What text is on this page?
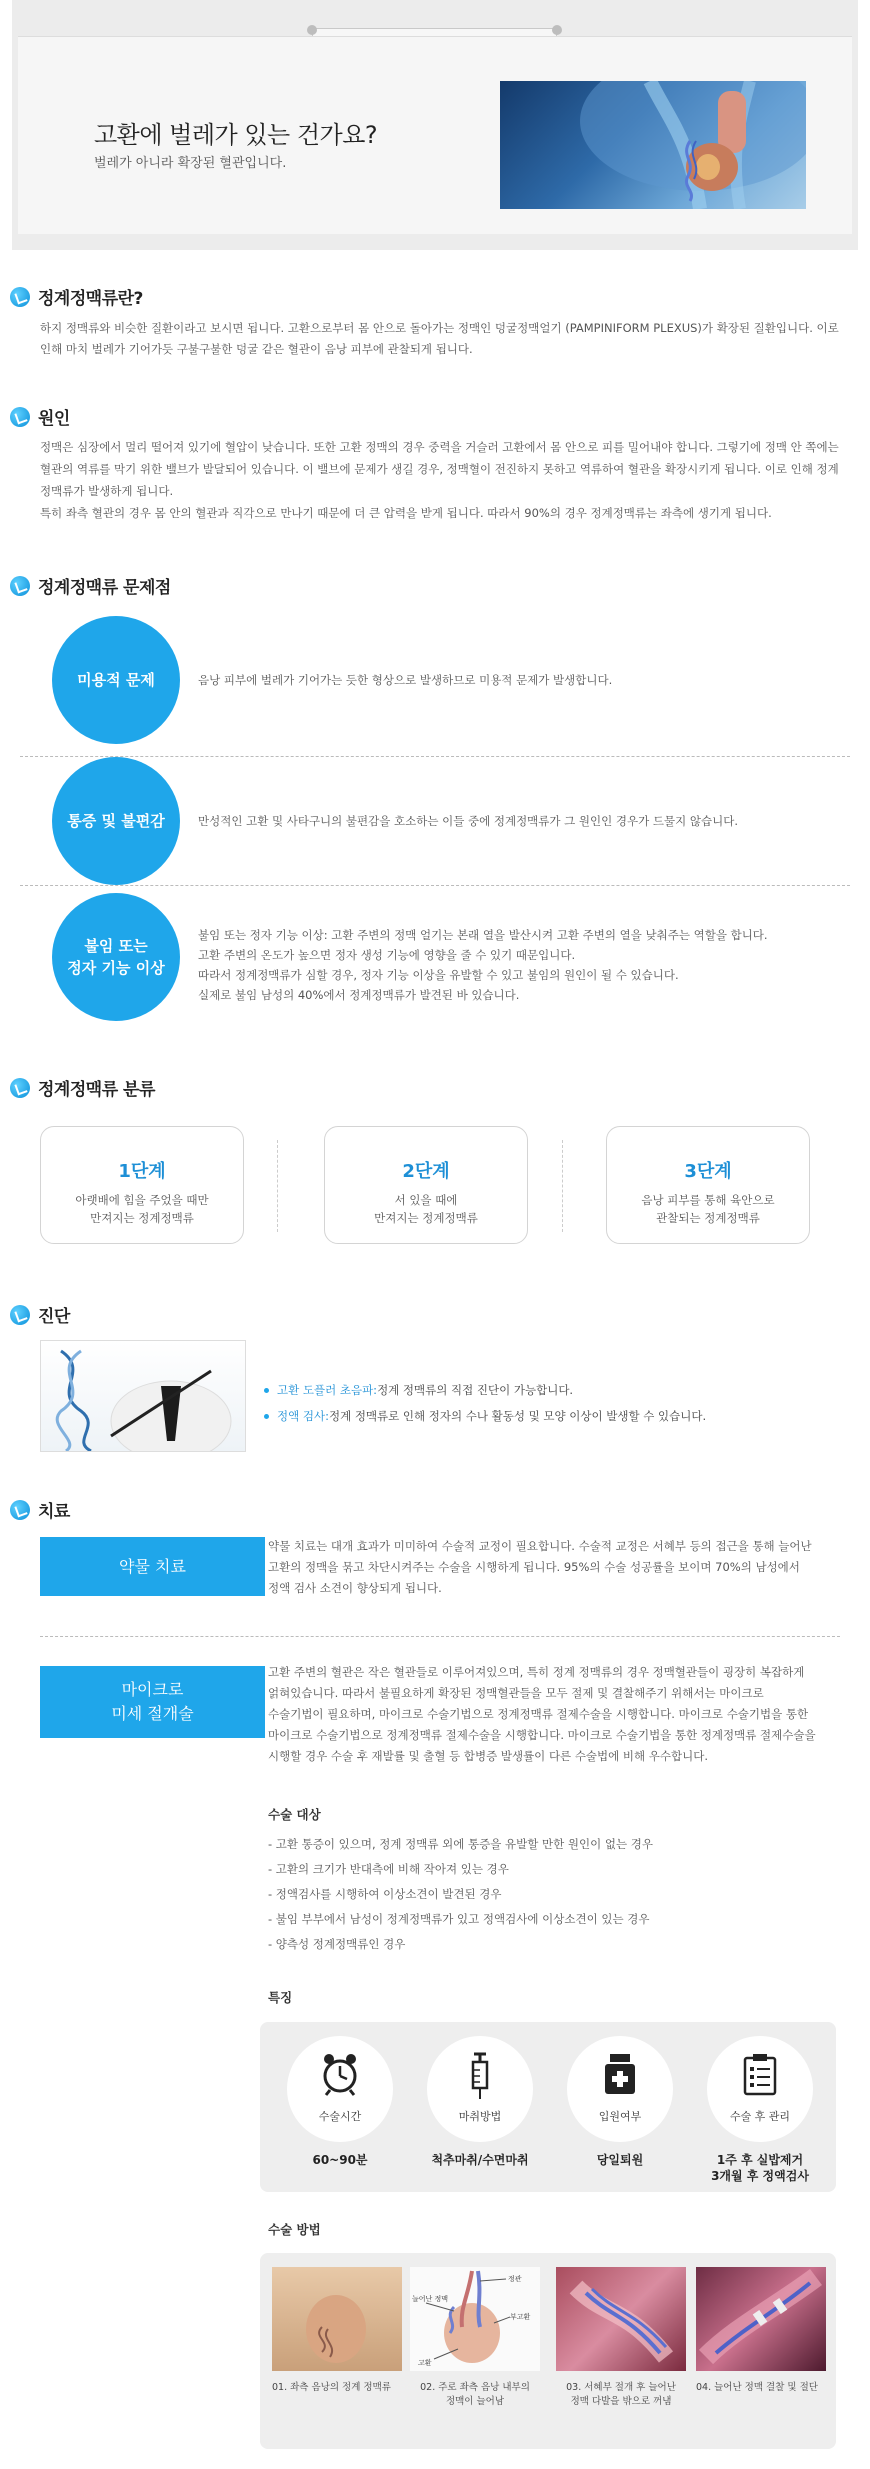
고환에 벌레가 있는 건가요?
벌레가 아니라 확장된 혈관입니다.
정계정맥류란?
하지 정맥류와 비슷한 질환이라고 보시면 됩니다. 고환으로부터 몸 안으로 돌아가는 정맥인 덩굴정맥얼기 (PAMPINIFORM PLEXUS)가 확장된 질환입니다. 이로
인해 마치 벌레가 기어가듯 구불구불한 덩굴 같은 혈관이 음낭 피부에 관찰되게 됩니다.
원인
정맥은 심장에서 멀리 떨어져 있기에 혈압이 낮습니다. 또한 고환 정맥의 경우 중력을 거슬러 고환에서 몸 안으로 피를 밀어내야 합니다. 그렇기에 정맥 안 쪽에는
혈관의 역류를 막기 위한 밸브가 발달되어 있습니다. 이 밸브에 문제가 생길 경우, 정맥혈이 전진하지 못하고 역류하여 혈관을 확장시키게 됩니다. 이로 인해 정계
정맥류가 발생하게 됩니다.
특히 좌측 혈관의 경우 몸 안의 혈관과 직각으로 만나기 때문에 더 큰 압력을 받게 됩니다. 따라서 90%의 경우 정계정맥류는 좌측에 생기게 됩니다.
정계정맥류 문제점
미용적 문제	음낭 피부에 벌레가 기어가는 듯한 형상으로 발생하므로 미용적 문제가 발생합니다.
통증 및 불편감	만성적인 고환 및 사타구니의 불편감을 호소하는 이들 중에 정계정맥류가 그 원인인 경우가 드물지 않습니다.
불임 또는
정자 기능 이상
불임 또는 정자 기능 이상: 고환 주변의 정맥 얼기는 본래 열을 발산시켜 고환 주변의 열을 낮춰주는 역할을 합니다.
고환 주변의 온도가 높으면 정자 생성 기능에 영향을 줄 수 있기 때문입니다.
따라서 정계정맥류가 심할 경우, 정자 기능 이상을 유발할 수 있고 불임의 원인이 될 수 있습니다.
실제로 불임 남성의 40%에서 정계정맥류가 발견된 바 있습니다.
정계정맥류 분류
1단계
아랫배에 힘을 주었을 때만
만져지는 정계정맥류
2단계
서 있을 때에
만져지는 정계정맥류
3단계
음낭 피부를 통해 육안으로
관찰되는 정계정맥류
진단
고환 도플러 초음파: 정계 정맥류의 직접 진단이 가능합니다.
정액 검사: 정계 정맥류로 인해 정자의 수나 활동성 및 모양 이상이 발생할 수 있습니다.
치료
약물 치료
약물 치료는 대개 효과가 미미하여 수술적 교정이 필요합니다. 수술적 교정은 서혜부 등의 접근을 통해 늘어난
고환의 정맥을 묶고 차단시켜주는 수술을 시행하게 됩니다. 95%의 수술 성공률을 보이며 70%의 남성에서
정액 검사 소견이 향상되게 됩니다.
마이크로
미세 절개술
고환 주변의 혈관은 작은 혈관들로 이루어져있으며, 특히 정계 정맥류의 경우 정맥혈관들이 굉장히 복잡하게
얽혀있습니다. 따라서 불필요하게 확장된 정맥혈관들을 모두 절제 및 결찰해주기 위해서는 마이크로
수술기법이 필요하며, 마이크로 수술기법으로 정계정맥류 절제수술을 시행합니다. 마이크로 수술기법을 통한
마이크로 수술기법으로 정계정맥류 절제수술을 시행합니다. 마이크로 수술기법을 통한 정계정맥류 절제수술을
시행할 경우 수술 후 재발률 및 출혈 등 합병증 발생률이 다른 수술법에 비해 우수합니다.
수술 대상
- 고환 통증이 있으며, 정계 정맥류 외에 통증을 유발할 만한 원인이 없는 경우
- 고환의 크기가 반대측에 비해 작아져 있는 경우
- 정액검사를 시행하여 이상소견이 발견된 경우
- 불임 부부에서 남성이 정계정맥류가 있고 정액검사에 이상소견이 있는 경우
- 양측성 정계정맥류인 경우
특징
수술시간
60~90분
마취방법
척추마취/수면마취
입원여부
당일퇴원
수술 후 관리
1주 후 실밥제거
3개월 후 정액검사
수술 방법
정관
늘어난 정맥
부고환
고환
01. 좌측 음낭의 정계 정맥류	02. 주로 좌측 음낭 내부의
정맥이 늘어남
03. 서혜부 절개 후 늘어난
정맥 다발을 밖으로 꺼냄
04. 늘어난 정맥 결찰 및 절단
